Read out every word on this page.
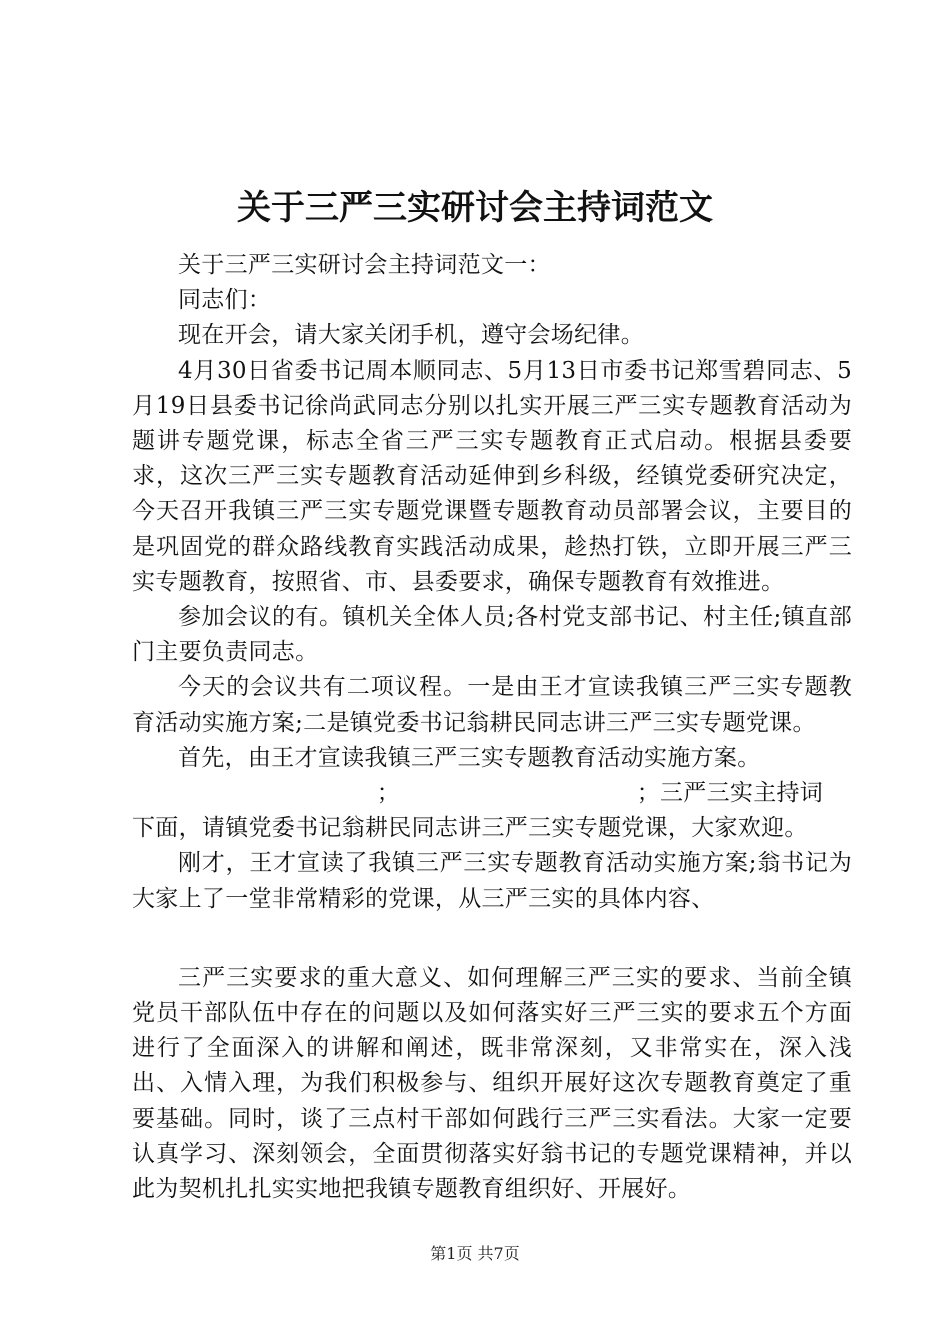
关于三严三实研讨会主持词范文

关于三严三实研讨会主持词范文一：

同志们：

现在开会，请大家关闭手机，遵守会场纪律。

4月30日省委书记周本顺同志、5月13日市委书记郑雪碧同志、5月19日县委书记徐尚武同志分别以扎实开展三严三实专题教育活动为题讲专题党课，标志全省三严三实专题教育正式启动。根据县委要求，这次三严三实专题教育活动延伸到乡科级，经镇党委研究决定，今天召开我镇三严三实专题党课暨专题教育动员部署会议，主要目的是巩固党的群众路线教育实践活动成果，趁热打铁，立即开展三严三实专题教育，按照省、市、县委要求，确保专题教育有效推进。

参加会议的有。镇机关全体人员;各村党支部书记、村主任;镇直部门主要负责同志。

今天的会议共有二项议程。一是由王才宣读我镇三严三实专题教育活动实施方案;二是镇党委书记翁耕民同志讲三严三实专题党课。

首先，由王才宣读我镇三严三实专题教育活动实施方案。

；	；三严三实主持词

下面，请镇党委书记翁耕民同志讲三严三实专题党课，大家欢迎。

刚才，王才宣读了我镇三严三实专题教育活动实施方案;翁书记为大家上了一堂非常精彩的党课，从三严三实的具体内容、

三严三实要求的重大意义、如何理解三严三实的要求、当前全镇党员干部队伍中存在的问题以及如何落实好三严三实的要求五个方面进行了全面深入的讲解和阐述，既非常深刻，又非常实在，深入浅出、入情入理，为我们积极参与、组织开展好这次专题教育奠定了重要基础。同时，谈了三点村干部如何践行三严三实看法。大家一定要认真学习、深刻领会，全面贯彻落实好翁书记的专题党课精神，并以此为契机扎扎实实地把我镇专题教育组织好、开展好。

第1页 共7页
